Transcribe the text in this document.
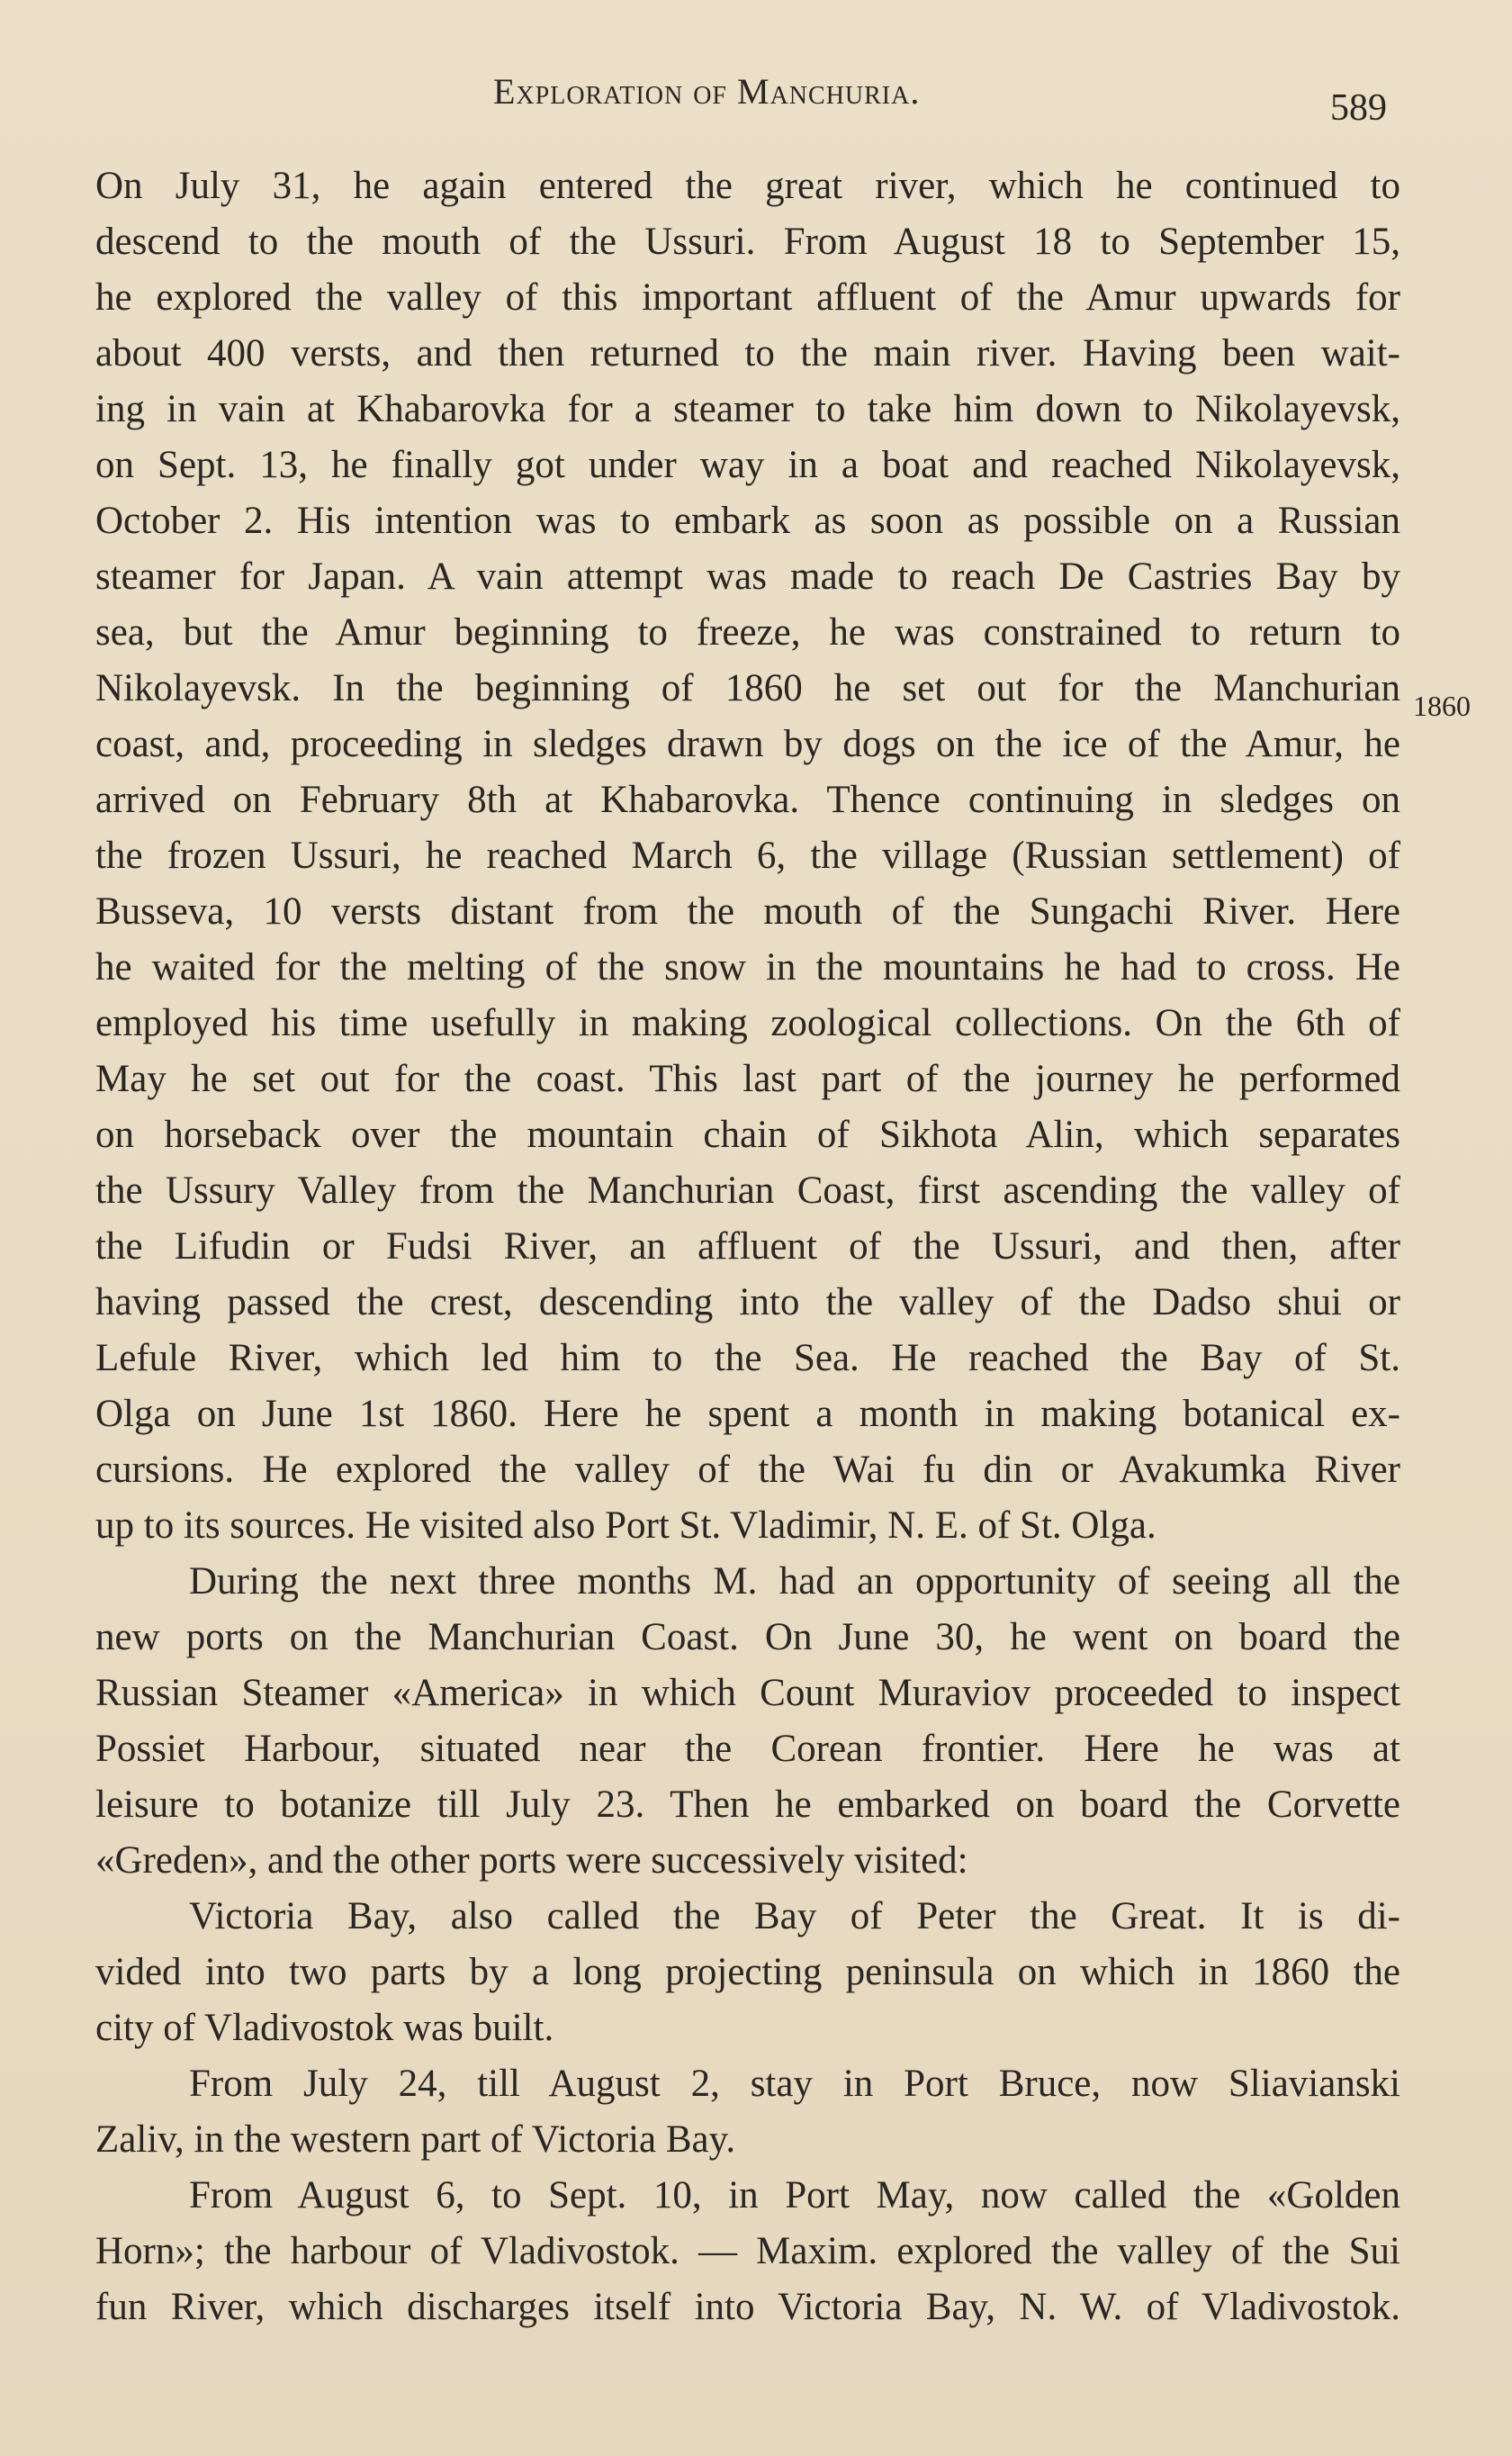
Exploration of Manchuria.	589
1860
On July 31, he again entered the great river, which he continued to
descend to the mouth of the Ussuri. From August 18 to September 15,
he explored the valley of this important affluent of the Amur upwards for
about 400 versts, and then returned to the main river. Having been wait-
ing in vain at Khabarovka for a steamer to take him down to Nikolayevsk,
on Sept. 13, he finally got under way in a boat and reached Nikolayevsk,
October 2. His intention was to embark as soon as possible on a Russian
steamer for Japan. A vain attempt was made to reach De Castries Bay by
sea, but the Amur beginning to freeze, he was constrained to return to
Nikolayevsk. In the beginning of 1860 he set out for the Manchurian
coast, and, proceeding in sledges drawn by dogs on the ice of the Amur, he
arrived on February 8th at Khabarovka. Thence continuing in sledges on
the frozen Ussuri, he reached March 6, the village (Russian settlement) of
Busseva, 10 versts distant from the mouth of the Sungachi River. Here
he waited for the melting of the snow in the mountains he had to cross. He
employed his time usefully in making zoological collections. On the 6th of
May he set out for the coast. This last part of the journey he performed
on horseback over the mountain chain of Sikhota Alin, which separates
the Ussury Valley from the Manchurian Coast, first ascending the valley of
the Lifudin or Fudsi River, an affluent of the Ussuri, and then, after
having passed the crest, descending into the valley of the Dadso shui or
Lefule River, which led him to the Sea. He reached the Bay of St.
Olga on June 1st 1860. Here he spent a month in making botanical ex-
cursions. He explored the valley of the Wai fu din or Avakumka River
up to its sources. He visited also Port St. Vladimir, N. E. of St. Olga.
During the next three months M. had an opportunity of seeing all the
new ports on the Manchurian Coast. On June 30, he went on board the
Russian Steamer «America» in which Count Muraviov proceeded to inspect
Possiet Harbour, situated near the Corean frontier. Here he was at
leisure to botanize till July 23. Then he embarked on board the Corvette
«Greden», and the other ports were successively visited:
Victoria Bay, also called the Bay of Peter the Great. It is di-
vided into two parts by a long projecting peninsula on which in 1860 the
city of Vladivostok was built.
From July 24, till August 2, stay in Port Bruce, now Sliavianski
Zaliv, in the western part of Victoria Bay.
From August 6, to Sept. 10, in Port May, now called the «Golden
Horn»; the harbour of Vladivostok. — Maxim. explored the valley of the Sui
fun River, which discharges itself into Victoria Bay, N. W. of Vladivostok.
